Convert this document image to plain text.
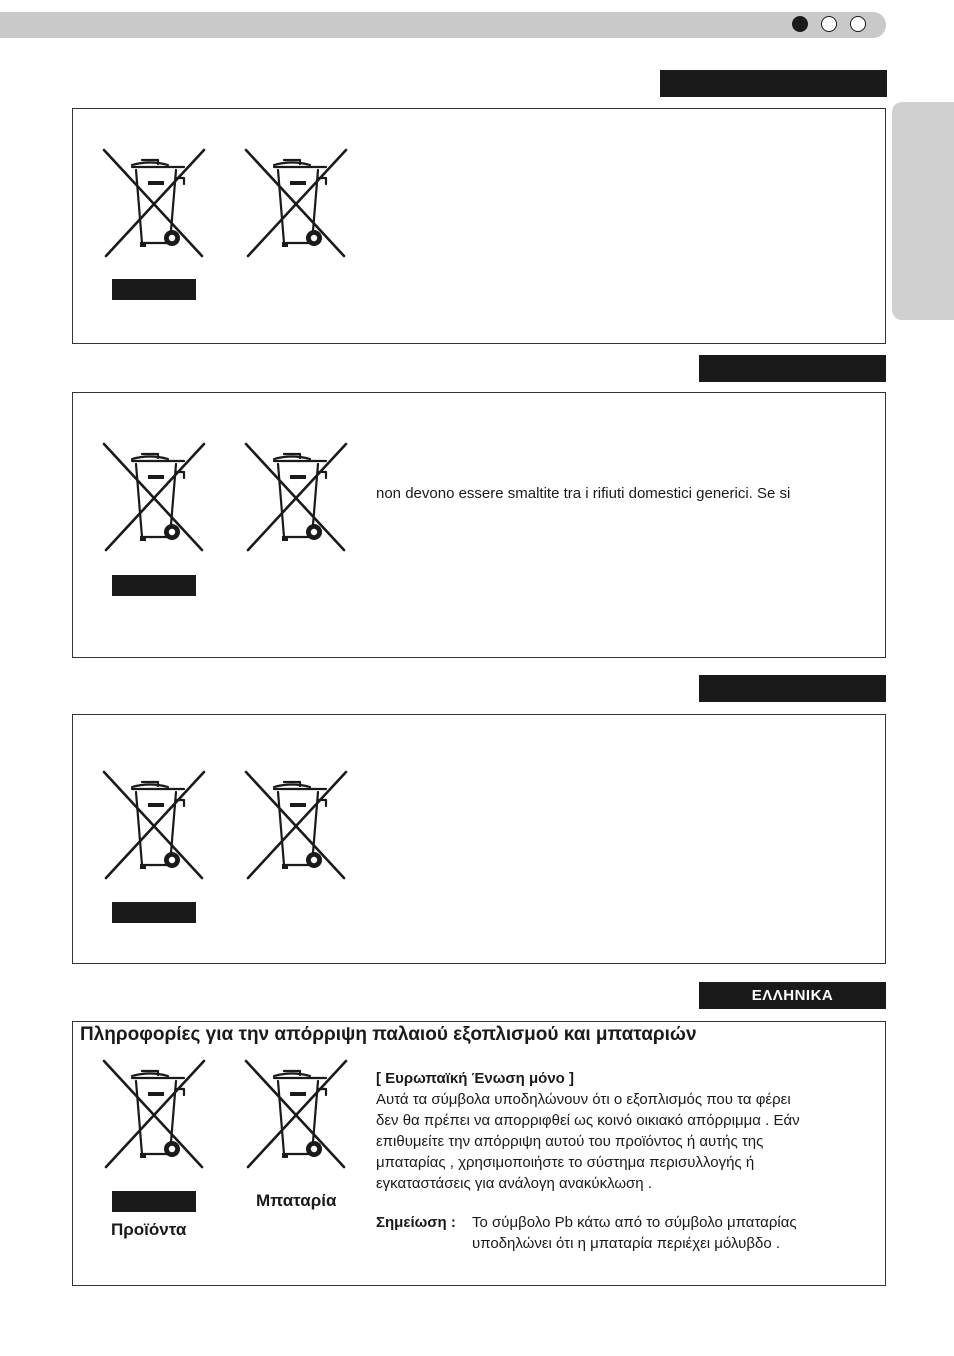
non devono essere smaltite tra i rifiuti domestici generici. Se si
ΕΛΛΗΝΙΚΑ
Πληροφορίες για την απόρριψη παλαιού εξοπλισμού και μπαταριών
Προϊόντα
Μπαταρία
[ Ευρωπαϊκή Ένωση μόνο ]
Αυτά τα σύμβολα υποδηλώνουν ότι ο εξοπλισμός που τα φέρει
δεν θα πρέπει να απορριφθεί ως κοινό οικιακό απόρριμμα . Εάν
επιθυμείτε την απόρριψη αυτού του προϊόντος ή αυτής της
μπαταρίας , χρησιμοποιήστε το σύστημα περισυλλογής ή
εγκαταστάσεις για ανάλογη ανακύκλωση .
Σημείωση : Το σύμβολο Pb κάτω από το σύμβολο μπαταρίας
υποδηλώνει ότι η μπαταρία περιέχει μόλυβδο .
